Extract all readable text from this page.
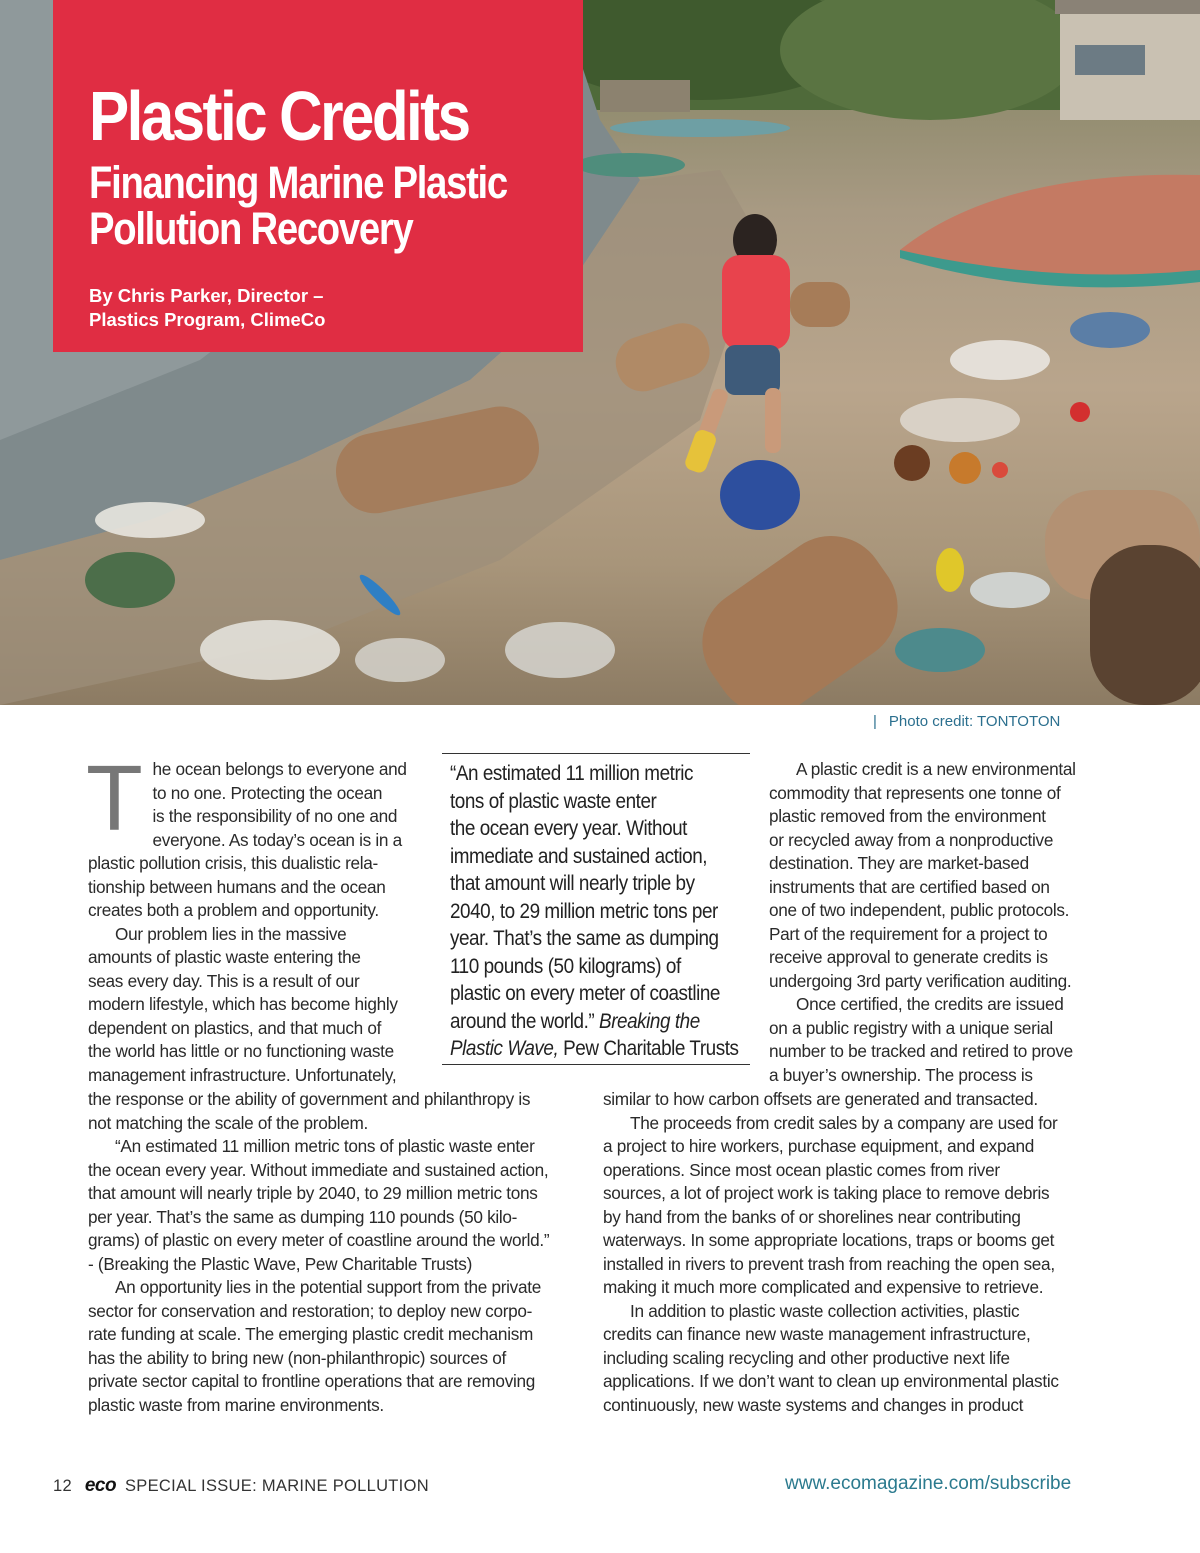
Plastic Credits
Financing Marine Plastic
Pollution Recovery
By Chris Parker, Director –
Plastics Program, ClimeCo
| Photo credit: TONTOTON

T he ocean belongs to everyone and
to no one. Protecting the ocean
is the responsibility of no one and
everyone. As today’s ocean is in a
plastic pollution crisis, this dualistic rela-
tionship between humans and the ocean
creates both a problem and opportunity.

Our problem lies in the massive
amounts of plastic waste entering the
seas every day. This is a result of our
modern lifestyle, which has become highly
dependent on plastics, and that much of
the world has little or no functioning waste
management infrastructure. Unfortunately,

the response or the ability of government and philanthropy is
not matching the scale of the problem.

“An estimated 11 million metric tons of plastic waste enter
the ocean every year. Without immediate and sustained action,
that amount will nearly triple by 2040, to 29 million metric tons
per year. That’s the same as dumping 110 pounds (50 kilo-
grams) of plastic on every meter of coastline around the world.”
- (Breaking the Plastic Wave, Pew Charitable Trusts)

An opportunity lies in the potential support from the private
sector for conservation and restoration; to deploy new corpo-
rate funding at scale. The emerging plastic credit mechanism
has the ability to bring new (non-philanthropic) sources of
private sector capital to frontline operations that are removing
plastic waste from marine environments.

“An estimated 11 million metric
tons of plastic waste enter
the ocean every year. Without
immediate and sustained action,
that amount will nearly triple by
2040, to 29 million metric tons per
year. That’s the same as dumping
110 pounds (50 kilograms) of
plastic on every meter of coastline
around the world.” Breaking the
Plastic Wave, Pew Charitable Trusts

A plastic credit is a new environmental
commodity that represents one tonne of
plastic removed from the environment
or recycled away from a nonproductive
destination. They are market-based
instruments that are certified based on
one of two independent, public protocols.
Part of the requirement for a project to
receive approval to generate credits is
undergoing 3rd party verification auditing.

Once certified, the credits are issued
on a public registry with a unique serial
number to be tracked and retired to prove
a buyer’s ownership. The process is

similar to how carbon offsets are generated and transacted.

The proceeds from credit sales by a company are used for
a project to hire workers, purchase equipment, and expand
operations. Since most ocean plastic comes from river
sources, a lot of project work is taking place to remove debris
by hand from the banks of or shorelines near contributing
waterways. In some appropriate locations, traps or booms get
installed in rivers to prevent trash from reaching the open sea,
making it much more complicated and expensive to retrieve.

In addition to plastic waste collection activities, plastic
credits can finance new waste management infrastructure,
including scaling recycling and other productive next life
applications. If we don’t want to clean up environmental plastic
continuously, new waste systems and changes in product

12 eco SPECIAL ISSUE: MARINE POLLUTION	www.ecomagazine.com/subscribe
